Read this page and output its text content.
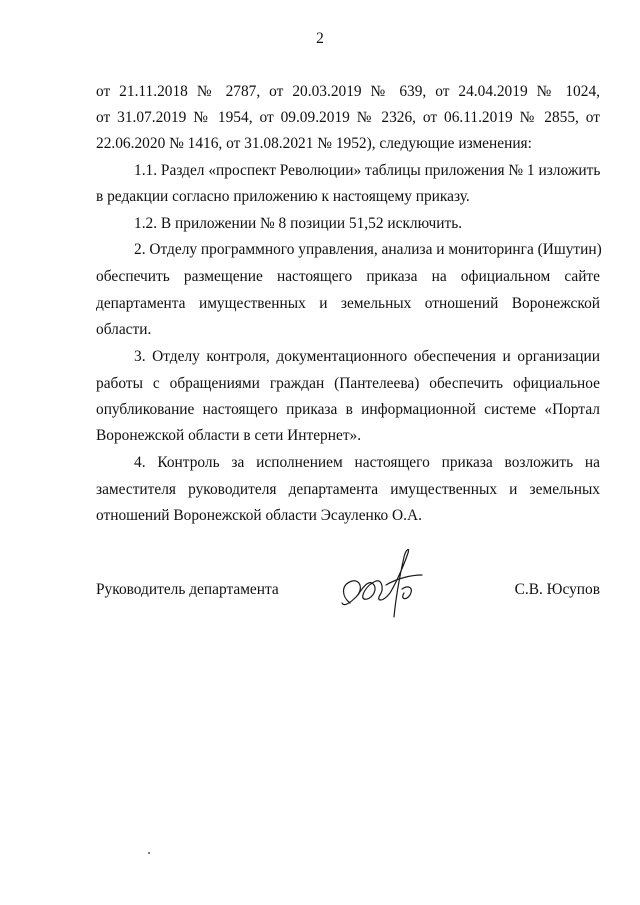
2
от 21.11.2018 № 2787, от 20.03.2019 № 639, от 24.04.2019 № 1024,
от 31.07.2019 № 1954, от 09.09.2019 № 2326, от 06.11.2019 № 2855, от
22.06.2020 № 1416, от 31.08.2021 № 1952), следующие изменения:
1.1. Раздел «проспект Революции» таблицы приложения № 1 изложить
в редакции согласно приложению к настоящему приказу.
1.2. В приложении № 8 позиции 51,52 исключить.
2. Отделу программного управления, анализа и мониторинга (Ишутин)
обеспечить размещение настоящего приказа на официальном сайте
департамента имущественных и земельных отношений Воронежской
области.
3. Отделу контроля, документационного обеспечения и организации
работы с обращениями граждан (Пантелеева) обеспечить официальное
опубликование настоящего приказа в информационной системе «Портал
Воронежской области в сети Интернет».
4. Контроль за исполнением настоящего приказа возложить на
заместителя руководителя департамента имущественных и земельных
отношений Воронежской области Эсауленко О.А.
Руководитель департамента	С.В. Юсупов
